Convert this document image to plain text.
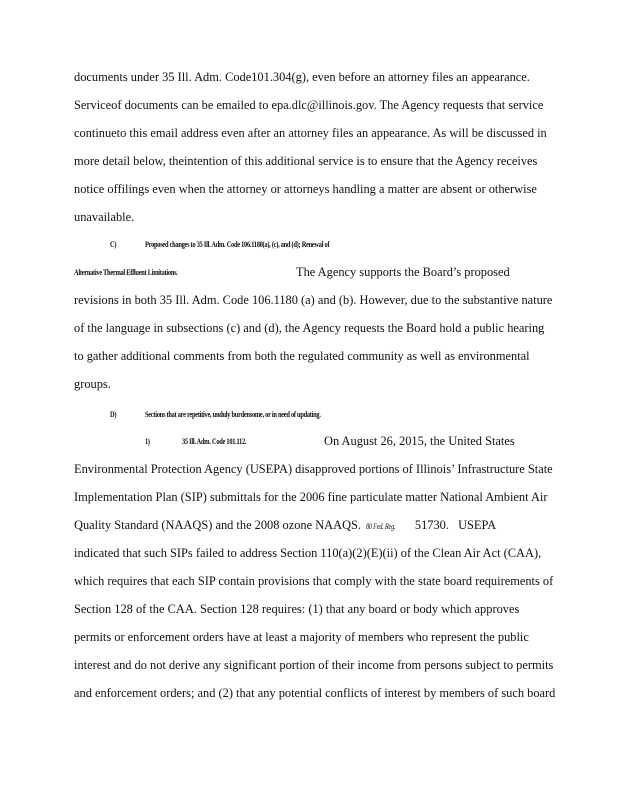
documents under 35 Ill. Adm. Code101.304(g), even before an attorney files an appearance.
Serviceof documents can be emailed to epa.dlc@illinois.gov. The Agency requests that service
continueto this email address even after an attorney files an appearance. As will be discussed in
more detail below, theintention of this additional service is to ensure that the Agency receives
notice offilings even when the attorney or attorneys handling a matter are absent or otherwise
unavailable.
C)	Proposed changes to 35 Ill. Adm. Code 106.1180(a), (c), and (d); Renewal of
Alternative Thermal Effluent Limitations.	The Agency supports the Board’s proposed
revisions in both 35 Ill. Adm. Code 106.1180 (a) and (b). However, due to the substantive nature
of the language in subsections (c) and (d), the Agency requests the Board hold a public hearing
to gather additional comments from both the regulated community as well as environmental
groups.
D)	Sections that are repetitive, unduly burdensome, or in need of updating.
1)	35 Ill. Adm. Code 101.112.	On August 26, 2015, the United States
Environmental Protection Agency (USEPA) disapproved portions of Illinois’ Infrastructure State
Implementation Plan (SIP) submittals for the 2006 fine particulate matter National Ambient Air
Quality Standard (NAAQS) and the 2008 ozone NAAQS. 80 Fed. Reg. 51730. USEPA
indicated that such SIPs failed to address Section 110(a)(2)(E)(ii) of the Clean Air Act (CAA),
which requires that each SIP contain provisions that comply with the state board requirements of
Section 128 of the CAA. Section 128 requires: (1) that any board or body which approves
permits or enforcement orders have at least a majority of members who represent the public
interest and do not derive any significant portion of their income from persons subject to permits
and enforcement orders; and (2) that any potential conflicts of interest by members of such board
